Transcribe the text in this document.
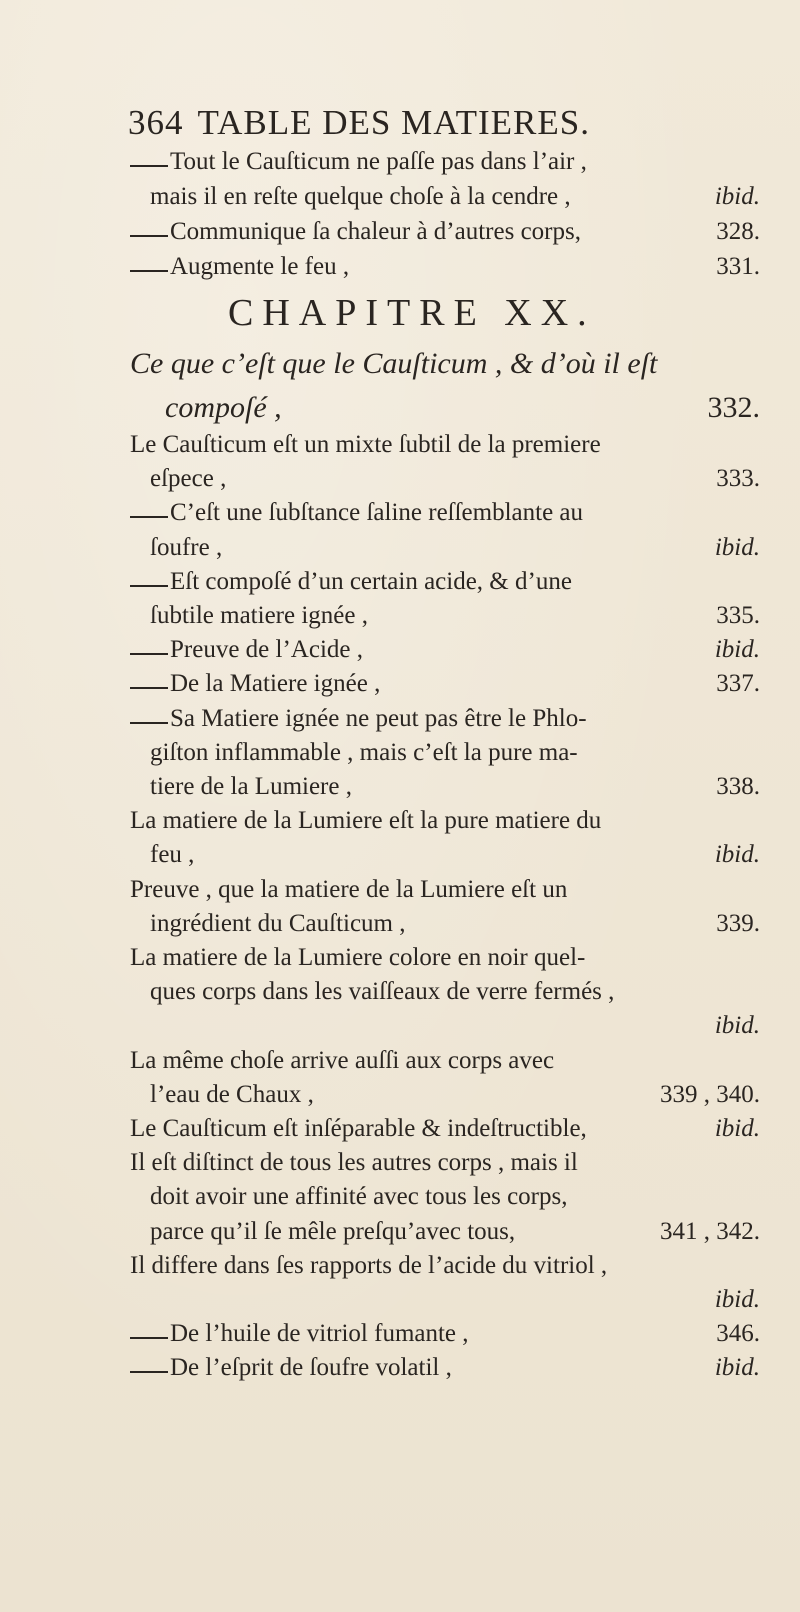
364 TABLE DES MATIERES.
Tout le Cauſticum ne paſſe pas dans l’air ,
mais il en reſte quelque choſe à la cendre ,	ibid.
Communique ſa chaleur à d’autres corps,	328.
Augmente le feu ,	331.
CHAPITRE XX.
Ce que c’eſt que le Cauſticum , & d’où il eſt
compoſé ,	332.
Le Cauſticum eſt un mixte ſubtil de la premiere
eſpece ,	333.
C’eſt une ſubſtance ſaline reſſemblante au
ſoufre ,	ibid.
Eſt compoſé d’un certain acide, & d’une
ſubtile matiere ignée ,	335.
Preuve de l’Acide ,	ibid.
De la Matiere ignée ,	337.
Sa Matiere ignée ne peut pas être le Phlo-
giſton inflammable , mais c’eſt la pure ma-
tiere de la Lumiere ,	338.
La matiere de la Lumiere eſt la pure matiere du
feu ,	ibid.
Preuve , que la matiere de la Lumiere eſt un
ingrédient du Cauſticum ,	339.
La matiere de la Lumiere colore en noir quel-
ques corps dans les vaiſſeaux de verre fermés ,
ibid.
La même choſe arrive auſſi aux corps avec
l’eau de Chaux ,	339 , 340.
Le Cauſticum eſt inſéparable & indeſtructible,	ibid.
Il eſt diſtinct de tous les autres corps , mais il
doit avoir une affinité avec tous les corps,
parce qu’il ſe mêle preſqu’avec tous,	341 , 342.
Il differe dans ſes rapports de l’acide du vitriol ,
ibid.
De l’huile de vitriol fumante ,	346.
De l’eſprit de ſoufre volatil ,	ibid.
